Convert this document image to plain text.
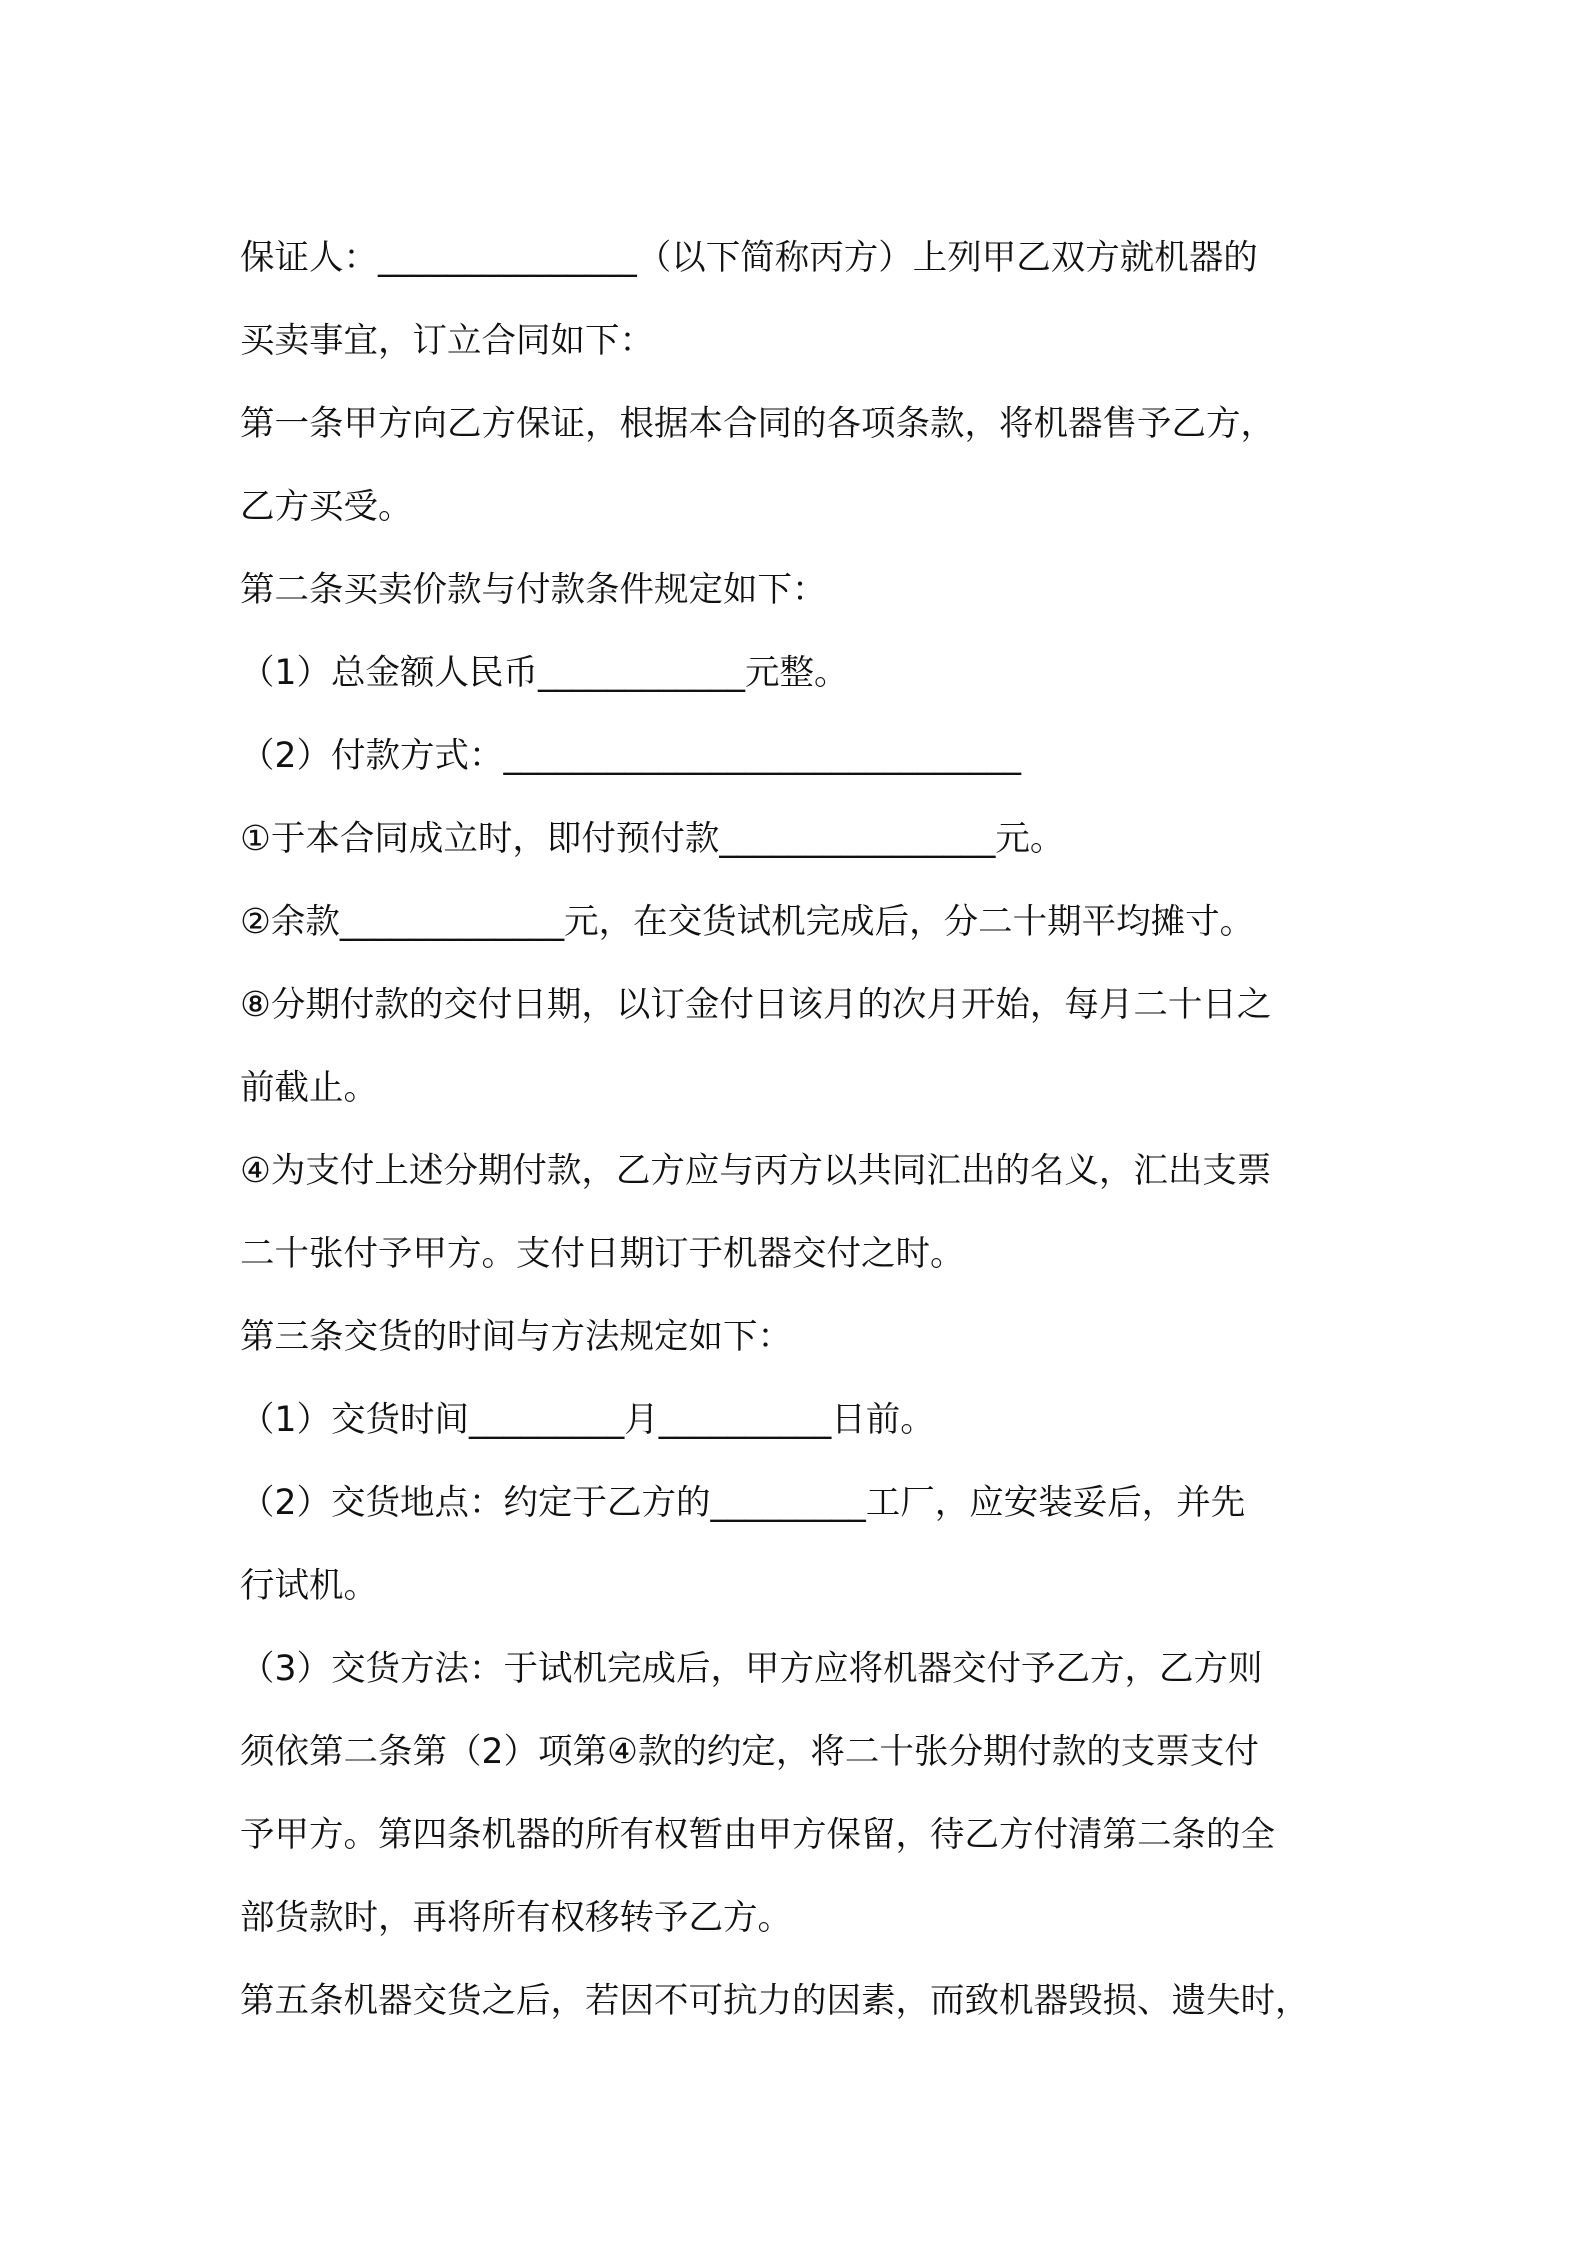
保证人：_______________（以下简称丙方）上列甲乙双方就机器的
买卖事宜，订立合同如下：
第一条甲方向乙方保证，根据本合同的各项条款，将机器售予乙方，
乙方买受。
第二条买卖价款与付款条件规定如下：
（1）总金额人民币____________元整。
（2）付款方式：______________________________
①于本合同成立时，即付预付款________________元。
②余款_____________元，在交货试机完成后，分二十期平均摊寸。
⑧分期付款的交付日期，以订金付日该月的次月开始，每月二十日之
前截止。
④为支付上述分期付款，乙方应与丙方以共同汇出的名义，汇出支票
二十张付予甲方。支付日期订于机器交付之时。
第三条交货的时间与方法规定如下：
（1）交货时间_________月__________日前。
（2）交货地点：约定于乙方的_________工厂，应安装妥后，并先
行试机。
（3）交货方法：于试机完成后，甲方应将机器交付予乙方，乙方则
须依第二条第（2）项第④款的约定，将二十张分期付款的支票支付
予甲方。第四条机器的所有权暂由甲方保留，待乙方付清第二条的全
部货款时，再将所有权移转予乙方。
第五条机器交货之后，若因不可抗力的因素，而致机器毁损、遗失时，
